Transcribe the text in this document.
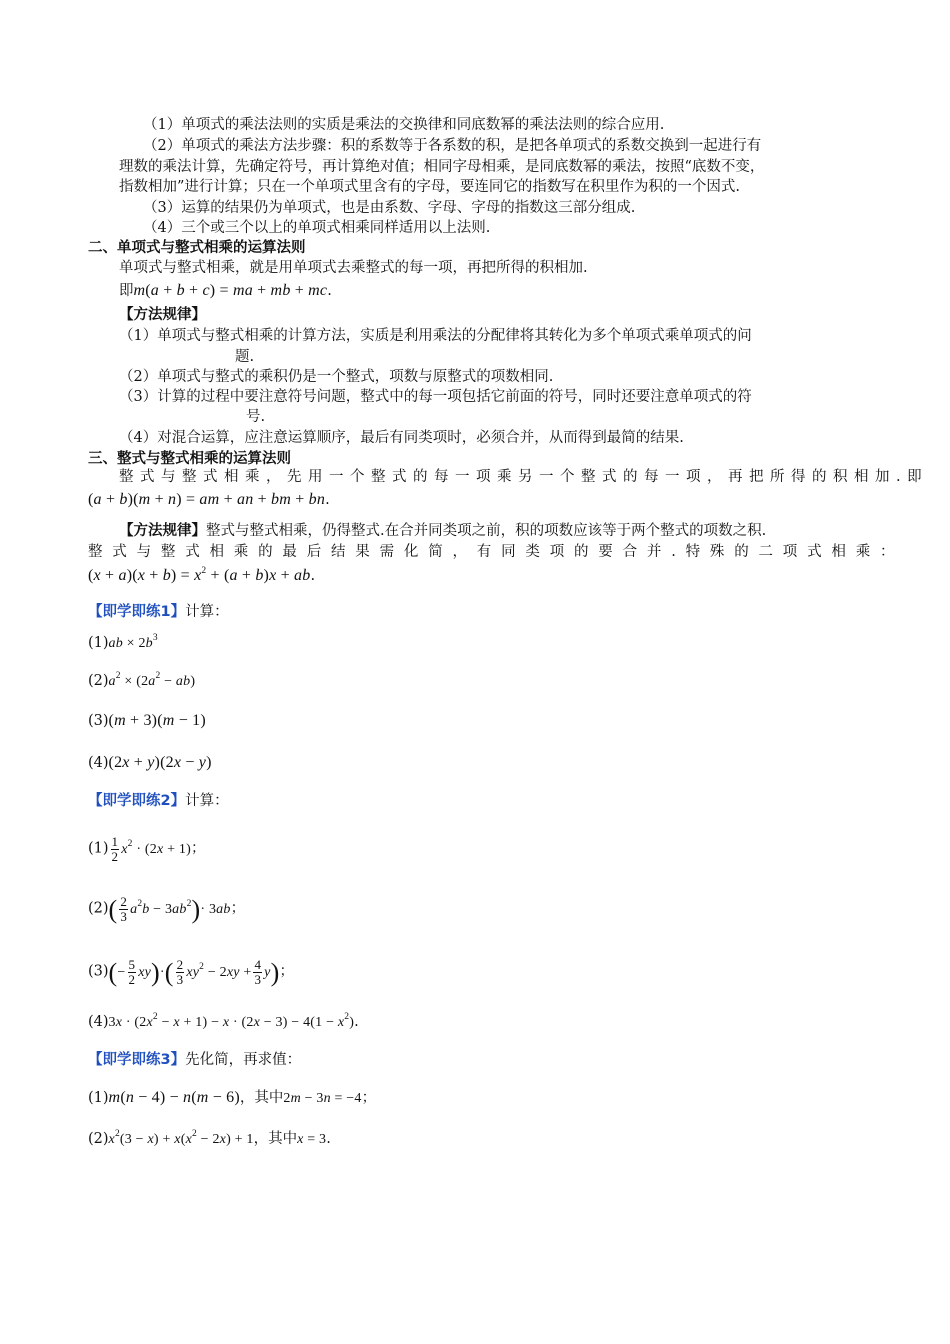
（1）单项式的乘法法则的实质是乘法的交换律和同底数幂的乘法法则的综合应用.
（2）单项式的乘法方法步骤：积的系数等于各系数的积，是把各单项式的系数交换到一起进行有
理数的乘法计算，先确定符号，再计算绝对值；相同字母相乘，是同底数幂的乘法，按照“底数不变，
指数相加”进行计算；只在一个单项式里含有的字母，要连同它的指数写在积里作为积的一个因式.
（3）运算的结果仍为单项式，也是由系数、字母、字母的指数这三部分组成.
（4）三个或三个以上的单项式相乘同样适用以上法则.
二、单项式与整式相乘的运算法则
单项式与整式相乘，就是用单项式去乘整式的每一项，再把所得的积相加.
即m(a + b + c) = ma + mb + mc.
【方法规律】
（1）单项式与整式相乘的计算方法，实质是利用乘法的分配律将其转化为多个单项式乘单项式的问
题.
（2）单项式与整式的乘积仍是一个整式，项数与原整式的项数相同.
（3）计算的过程中要注意符号问题，整式中的每一项包括它前面的符号，同时还要注意单项式的符
号.
（4）对混合运算，应注意运算顺序，最后有同类项时，必须合并，从而得到最简的结果.
三、整式与整式相乘的运算法则
整式与整式相乘，先用一个整式的每一项乘另一个整式的每一项，再把所得的积相加.即
(a + b)(m + n) = am + an + bm + bn.
【方法规律】整式与整式相乘，仍得整式.在合并同类项之前，积的项数应该等于两个整式的项数之积.
整式与整式相乘的最后结果需化简，有同类项的要合并.特殊的二项式相乘：
$(x + a)(x + b) = x^2 + (a + b)x$ + ab.
【即学即练1】计算：
$(1)ab \times 2b^3$
$(2)a^2 \times (2a^2 - ab)$
(3)(m + 3)(m − 1)
(4)(2x + y)(2x − y)
【即学即练2】计算：
$(1) \frac{1}{2} x^2 \cdot (2x + 1)$；
$(2)( \frac{2}{3} a^2b - 3ab^2)\cdot 3ab$；
$(3)(- \frac{5}{2} xy)\cdot( \frac{2}{3} xy^2 - 2xy + \frac{4}{3} y)$；
$(4)3x \cdot (2x^2 - x + 1) - x \cdot (2x - 3) - 4(1 - x^2)$.
【即学即练3】先化简，再求值：
(1)m(n − 4) − n(m − 6)，其中2m − 3n = −4；
$(2)x^2(3 - x) + x(x^2 - 2x) + 1$，其中x = 3.
